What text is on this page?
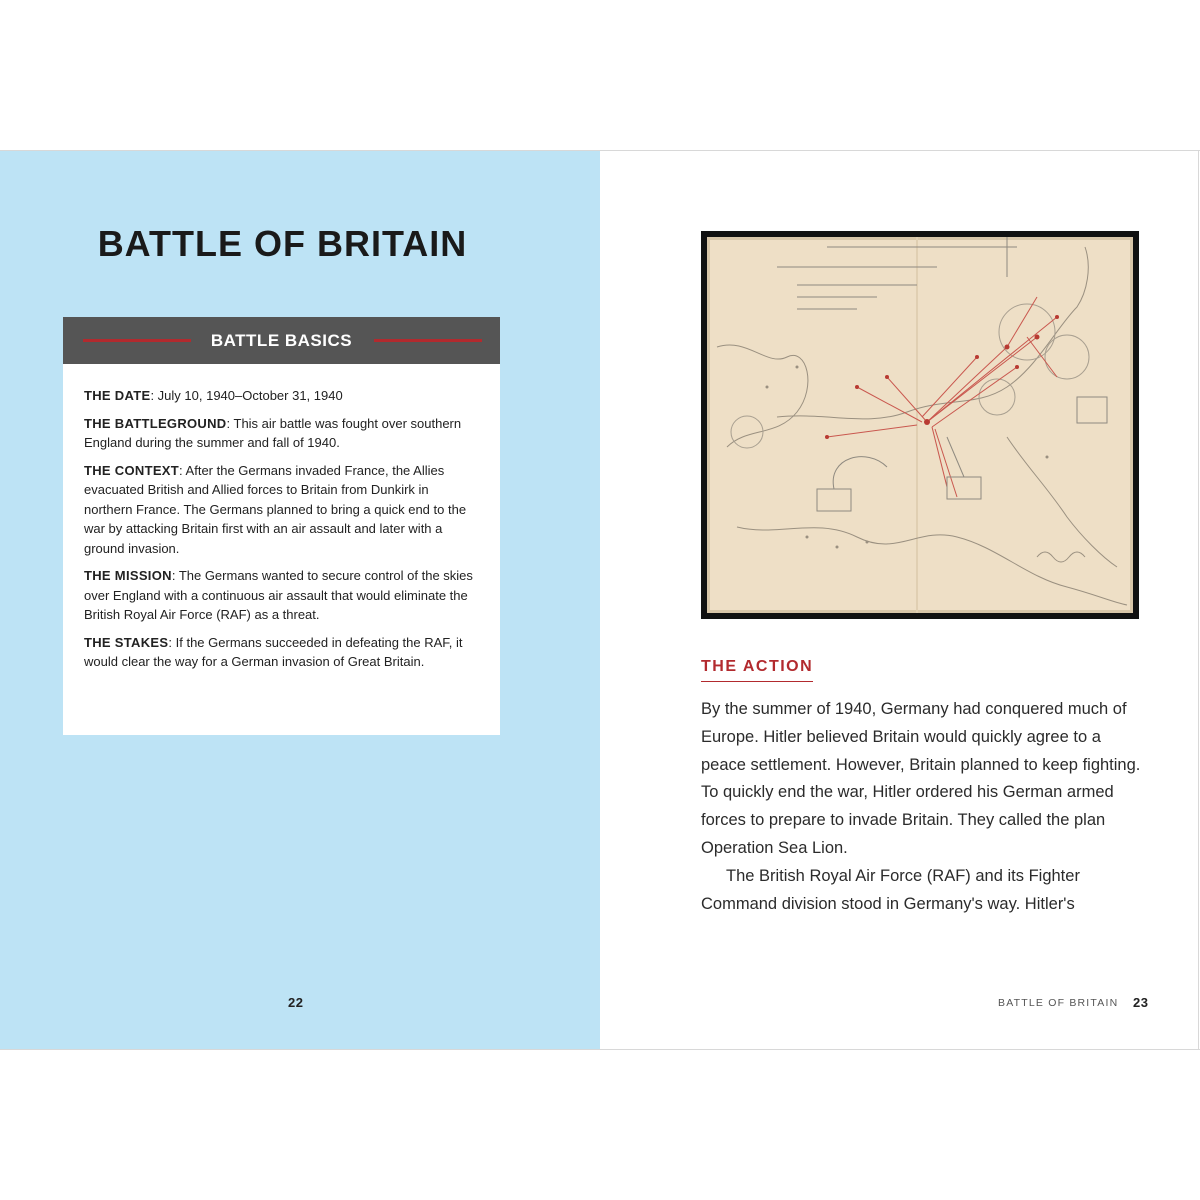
BATTLE OF BRITAIN
BATTLE BASICS

THE DATE: July 10, 1940–October 31, 1940

THE BATTLEGROUND: This air battle was fought over southern England during the summer and fall of 1940.

THE CONTEXT: After the Germans invaded France, the Allies evacuated British and Allied forces to Britain from Dunkirk in northern France. The Germans planned to bring a quick end to the war by attacking Britain first with an air assault and later with a ground invasion.

THE MISSION: The Germans wanted to secure control of the skies over England with a continuous air assault that would eliminate the British Royal Air Force (RAF) as a threat.

THE STAKES: If the Germans succeeded in defeating the RAF, it would clear the way for a German invasion of Great Britain.

22
THE ACTION

By the summer of 1940, Germany had conquered much of Europe. Hitler believed Britain would quickly agree to a peace settlement. However, Britain planned to keep fighting. To quickly end the war, Hitler ordered his German armed forces to prepare to invade Britain. They called the plan Operation Sea Lion.

The British Royal Air Force (RAF) and its Fighter Command division stood in Germany's way. Hitler's

BATTLE OF BRITAIN 23
